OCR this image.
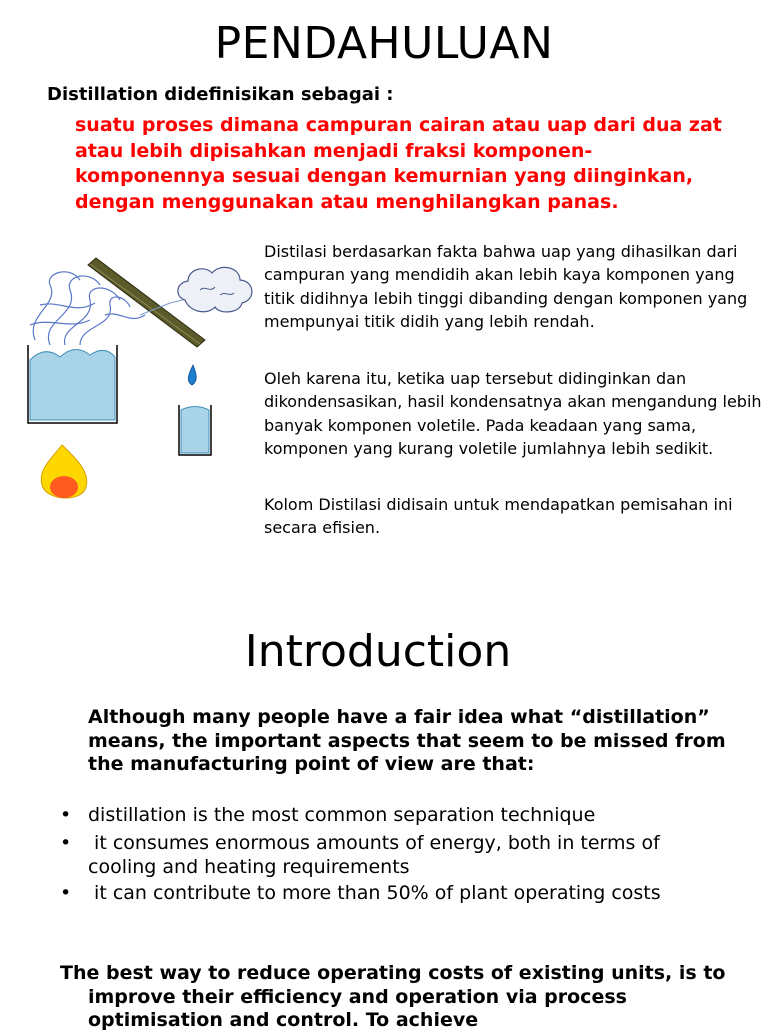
PENDAHULUAN
Distillation didefinisikan sebagai :
suatu proses dimana campuran cairan atau uap dari dua zat atau lebih dipisahkan menjadi fraksi komponen-komponennya sesuai dengan kemurnian yang diinginkan, dengan menggunakan atau menghilangkan panas.
Distilasi berdasarkan fakta bahwa uap yang dihasilkan dari campuran yang mendidih akan lebih kaya komponen yang titik didihnya lebih tinggi dibanding dengan komponen yang mempunyai titik didih yang lebih rendah.
Oleh karena itu, ketika uap tersebut didinginkan dan dikondensasikan, hasil kondensatnya akan mengandung lebih banyak komponen voletile. Pada keadaan yang sama, komponen yang kurang voletile jumlahnya lebih sedikit.
Kolom Distilasi didisain untuk mendapatkan pemisahan ini secara efisien.
Introduction
Although many people have a fair idea what “distillation” means, the important aspects that seem to be missed from the manufacturing point of view are that:
• distillation is the most common separation technique
• it consumes enormous amounts of energy, both in terms of cooling and heating requirements
• it can contribute to more than 50% of plant operating costs
The best way to reduce operating costs of existing units, is to improve their efficiency and operation via process optimisation and control. To achieve
